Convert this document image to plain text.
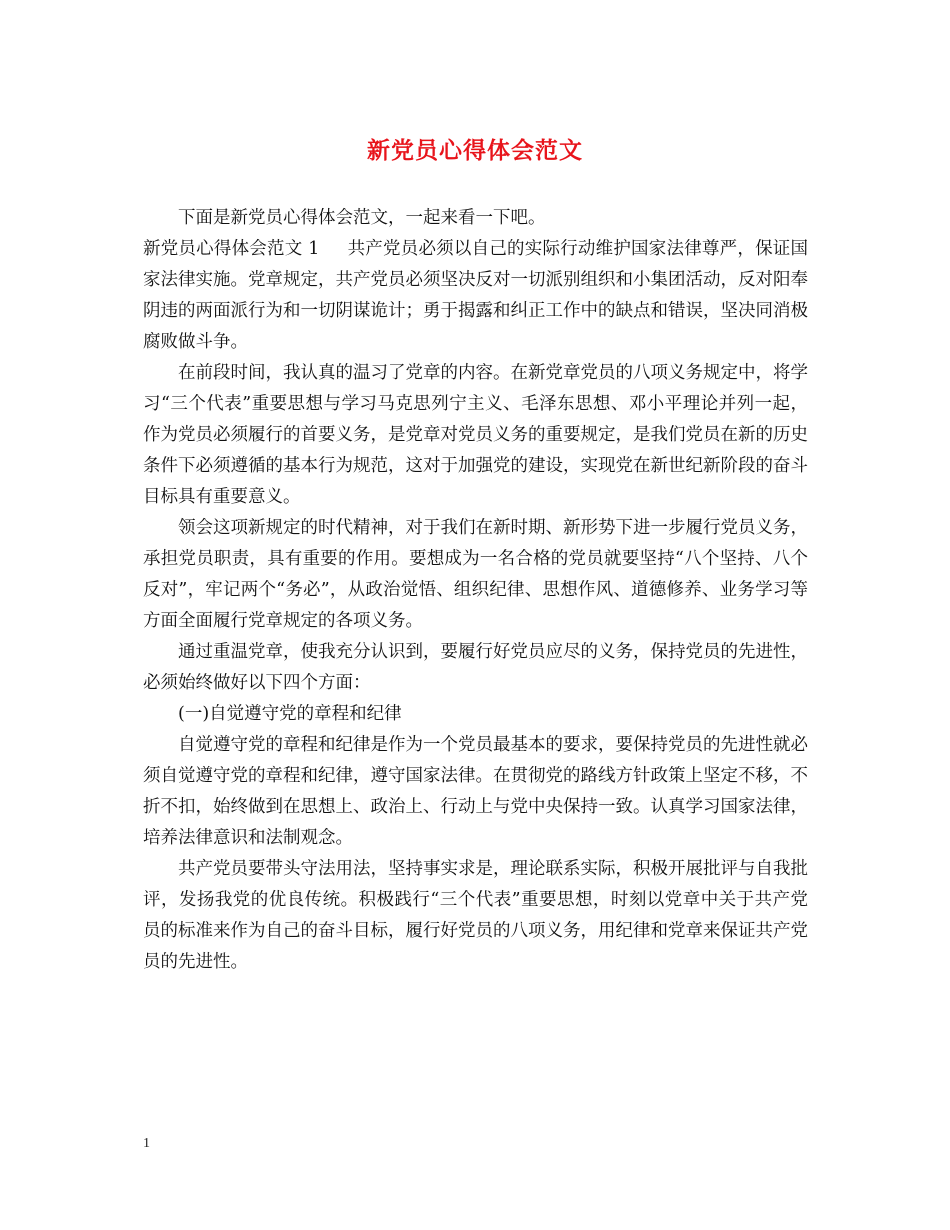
新党员心得体会范文

下面是新党员心得体会范文，一起来看一下吧。

新党员心得体会范文 1 共产党员必须以自己的实际行动维护国家法律尊严，保证国家法律实施。党章规定，共产党员必须坚决反对一切派别组织和小集团活动，反对阳奉阴违的两面派行为和一切阴谋诡计；勇于揭露和纠正工作中的缺点和错误，坚决同消极腐败做斗争。

在前段时间，我认真的温习了党章的内容。在新党章党员的八项义务规定中，将学习“三个代表”重要思想与学习马克思列宁主义、毛泽东思想、邓小平理论并列一起，作为党员必须履行的首要义务，是党章对党员义务的重要规定，是我们党员在新的历史条件下必须遵循的基本行为规范，这对于加强党的建设，实现党在新世纪新阶段的奋斗目标具有重要意义。

领会这项新规定的时代精神，对于我们在新时期、新形势下进一步履行党员义务，承担党员职责，具有重要的作用。要想成为一名合格的党员就要坚持“八个坚持、八个反对”，牢记两个“务必”，从政治觉悟、组织纪律、思想作风、道德修养、业务学习等方面全面履行党章规定的各项义务。

通过重温党章，使我充分认识到，要履行好党员应尽的义务，保持党员的先进性，必须始终做好以下四个方面：

(一)自觉遵守党的章程和纪律

自觉遵守党的章程和纪律是作为一个党员最基本的要求，要保持党员的先进性就必须自觉遵守党的章程和纪律，遵守国家法律。在贯彻党的路线方针政策上坚定不移，不折不扣，始终做到在思想上、政治上、行动上与党中央保持一致。认真学习国家法律，培养法律意识和法制观念。

共产党员要带头守法用法，坚持事实求是，理论联系实际，积极开展批评与自我批评，发扬我党的优良传统。积极践行“三个代表”重要思想，时刻以党章中关于共产党员的标准来作为自己的奋斗目标，履行好党员的八项义务，用纪律和党章来保证共产党员的先进性。

1
